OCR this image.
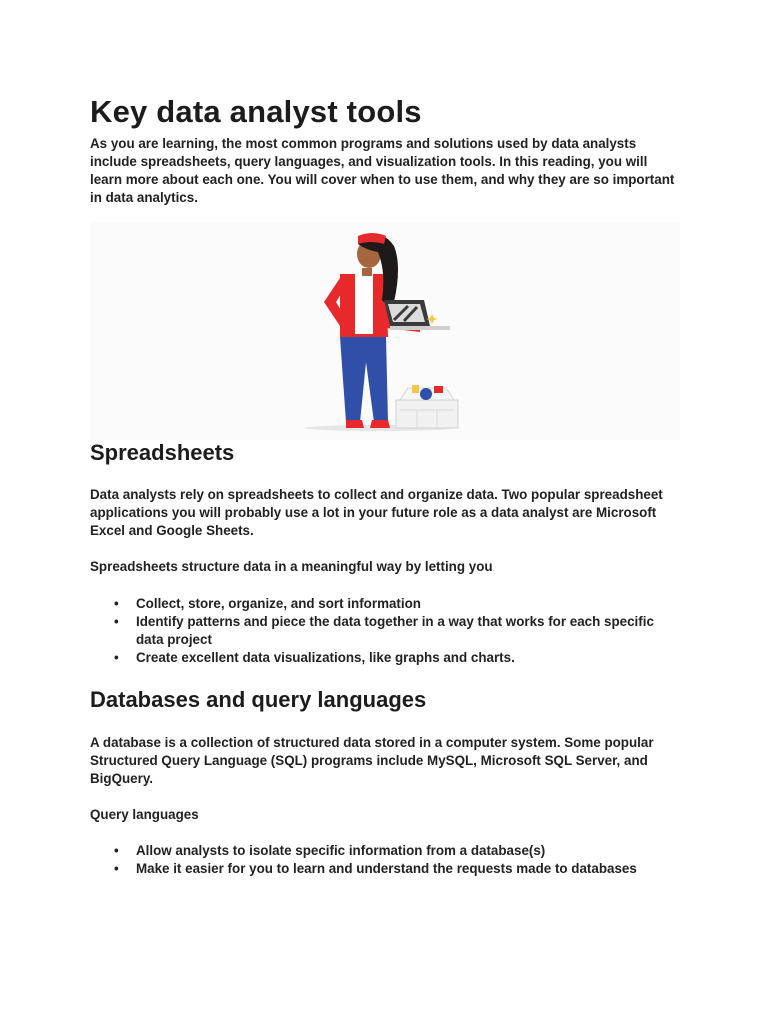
Key data analyst tools

As you are learning, the most common programs and solutions used by data analysts include spreadsheets, query languages, and visualization tools. In this reading, you will learn more about each one. You will cover when to use them, and why they are so important in data analytics.

Spreadsheets

Data analysts rely on spreadsheets to collect and organize data. Two popular spreadsheet applications you will probably use a lot in your future role as a data analyst are Microsoft Excel and Google Sheets.

Spreadsheets structure data in a meaningful way by letting you

• Collect, store, organize, and sort information
• Identify patterns and piece the data together in a way that works for each specific data project
• Create excellent data visualizations, like graphs and charts.
Databases and query languages

A database is a collection of structured data stored in a computer system. Some popular Structured Query Language (SQL) programs include MySQL, Microsoft SQL Server, and BigQuery.

Query languages

• Allow analysts to isolate specific information from a database(s)
• Make it easier for you to learn and understand the requests made to databases
